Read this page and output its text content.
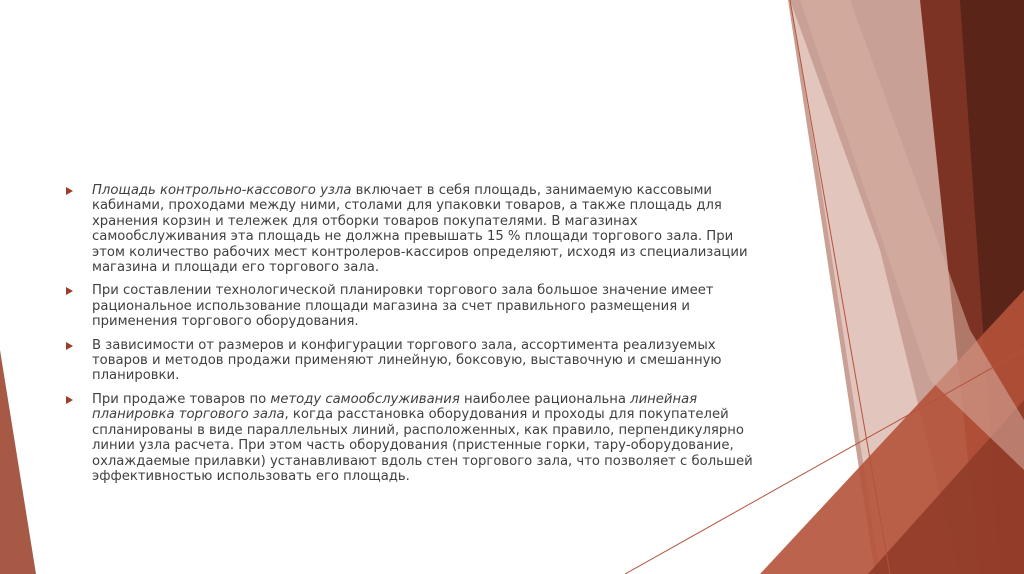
Площадь контрольно-кассового узла включает в себя площадь, занимаемую кассовыми кабинами, проходами между ними, столами для упаковки товаров, а также площадь для хранения корзин и тележек для отборки товаров покупателями. В магазинах самообслуживания эта площадь не должна превышать 15 % площади торгового зала. При этом количество рабочих мест контролеров-кассиров определяют, исходя из специализации магазина и площади его торгового зала.
При составлении технологической планировки торгового зала большое значение имеет рациональное использование площади магазина за счет правильного размещения и применения торгового оборудования.
В зависимости от размеров и конфигурации торгового зала, ассортимента реализуемых товаров и методов продажи применяют линейную, боксовую, выставочную и смешанную планировки.
При продаже товаров по методу самообслуживания наиболее рациональна линейная планировка торгового зала, когда расстановка оборудования и проходы для покупателей спланированы в виде параллельных линий, расположенных, как правило, перпендикулярно линии узла расчета. При этом часть оборудования (пристенные горки, тару-оборудование, охлаждаемые прилавки) устанавливают вдоль стен торгового зала, что позволяет с большей эффективностью использовать его площадь.
